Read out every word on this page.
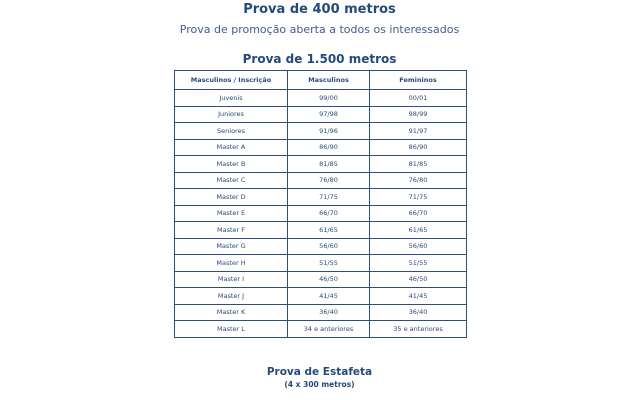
Prova de 400 metros
Prova de promoção aberta a todos os interessados
Prova de 1.500 metros
Masculinos / Inscrição	Masculinos	Femininos
Juvenis	99/00	00/01
Juniores	97/98	98/99
Seniores	91/96	91/97
Master A	86/90	86/90
Master B	81/85	81/85
Master C	76/80	76/80
Master D	71/75	71/75
Master E	66/70	66/70
Master F	61/65	61/65
Master G	56/60	56/60
Master H	51/55	51/55
Master I	46/50	46/50
Master J	41/45	41/45
Master K	36/40	36/40
Master L	34 e anteriores	35 e anteriores
Prova de Estafeta
(4 x 300 metros)
